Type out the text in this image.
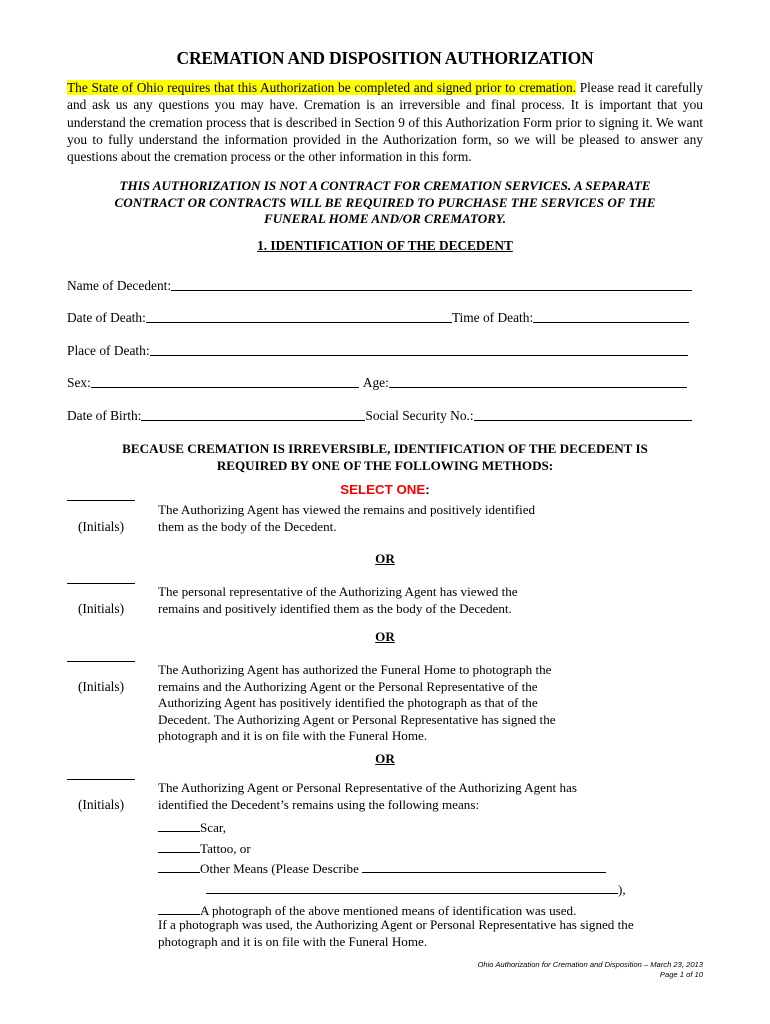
CREMATION AND DISPOSITION AUTHORIZATION
The State of Ohio requires that this Authorization be completed and signed prior to cremation. Please read it carefully and ask us any questions you may have. Cremation is an irreversible and final process. It is important that you understand the cremation process that is described in Section 9 of this Authorization Form prior to signing it. We want you to fully understand the information provided in the Authorization form, so we will be pleased to answer any questions about the cremation process or the other information in this form.
THIS AUTHORIZATION IS NOT A CONTRACT FOR CREMATION SERVICES. A SEPARATE
CONTRACT OR CONTRACTS WILL BE REQUIRED TO PURCHASE THE SERVICES OF THE
FUNERAL HOME AND/OR CREMATORY.
1. IDENTIFICATION OF THE DECEDENT
Name of Decedent:
Date of Death:	Time of Death:
Place of Death:
Sex:	Age:
Date of Birth:	Social Security No.:
BECAUSE CREMATION IS IRREVERSIBLE, IDENTIFICATION OF THE DECEDENT IS
REQUIRED BY ONE OF THE FOLLOWING METHODS:
SELECT ONE:
(Initials)
The Authorizing Agent has viewed the remains and positively identified
them as the body of the Decedent.
OR
(Initials)
The personal representative of the Authorizing Agent has viewed the
remains and positively identified them as the body of the Decedent.
OR
(Initials)
The Authorizing Agent has authorized the Funeral Home to photograph the
remains and the Authorizing Agent or the Personal Representative of the
Authorizing Agent has positively identified the photograph as that of the
Decedent. The Authorizing Agent or Personal Representative has signed the
photograph and it is on file with the Funeral Home.
OR
(Initials)
The Authorizing Agent or Personal Representative of the Authorizing Agent has
identified the Decedent’s remains using the following means:
Scar,
Tattoo, or
Other Means (Please Describe
),
A photograph of the above mentioned means of identification was used.
If a photograph was used, the Authorizing Agent or Personal Representative has signed the
photograph and it is on file with the Funeral Home.
Ohio Authorization for Cremation and Disposition – March 23, 2013
Page 1 of 10
